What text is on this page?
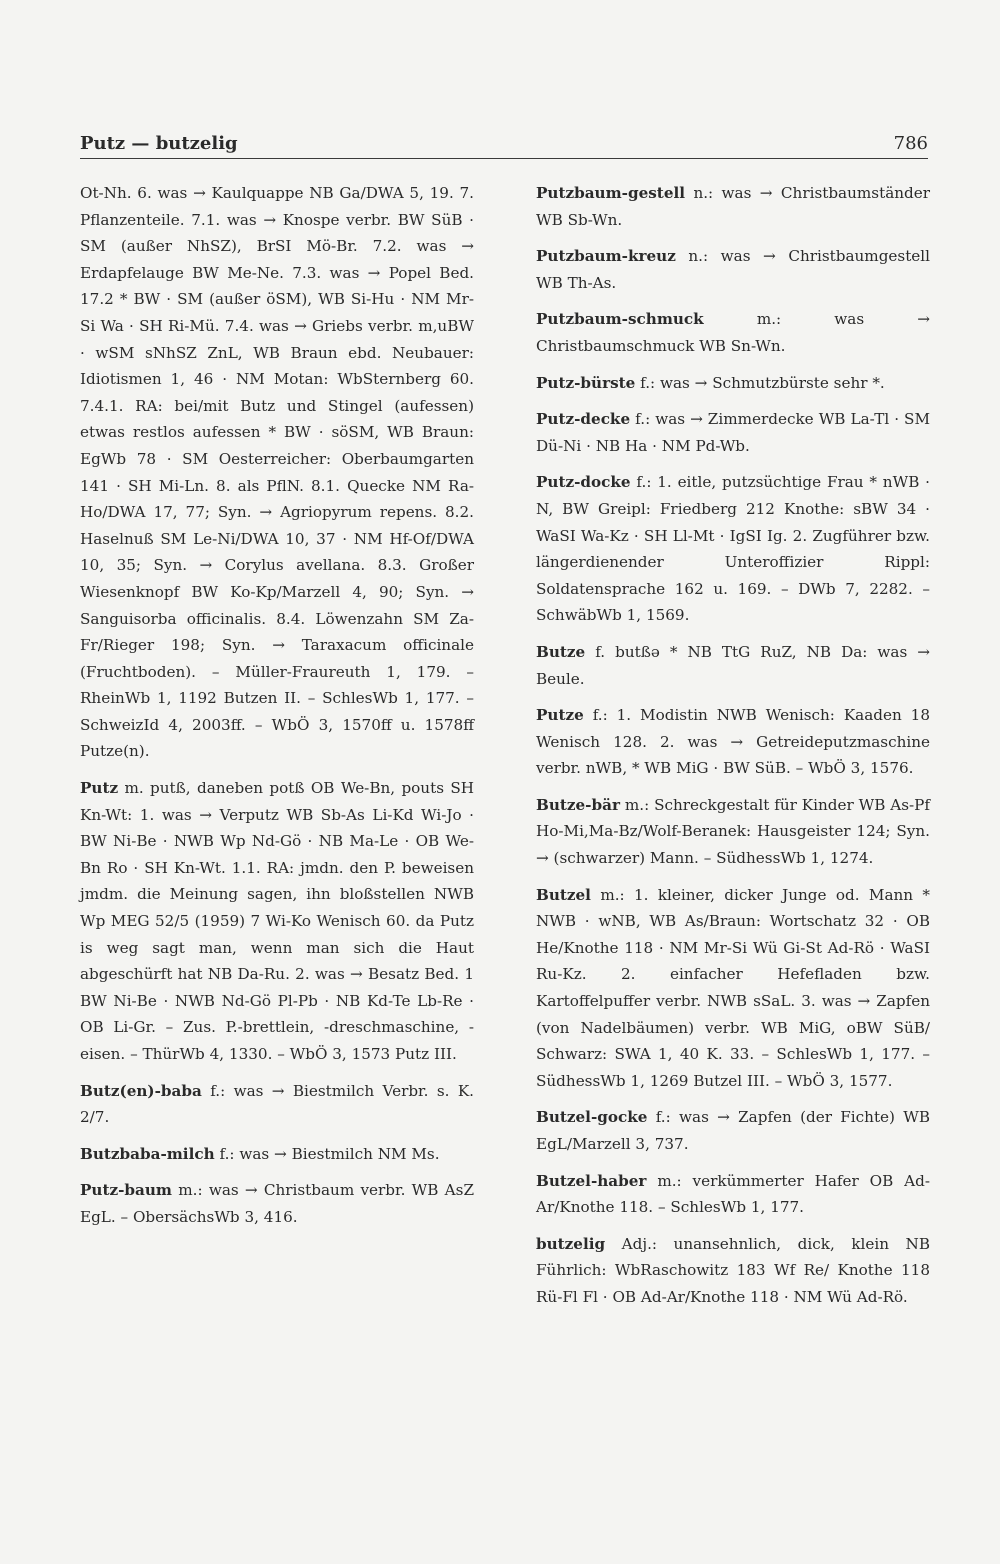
Putz — butzelig	786

Ot-Nh. 6. was → Kaulquappe NB Ga/DWA 5, 19. 7. Pflanzenteile. 7.1. was → Knospe verbr. BW SüB · SM (außer NhSZ), BrSI Mö-Br. 7.2. was → Erdapfelauge BW Me-Ne. 7.3. was → Popel Bed. 17.2 * BW · SM (außer öSM), WB Si-Hu · NM Mr-Si Wa · SH Ri-Mü. 7.4. was → Griebs verbr. m,uBW · wSM sNhSZ ZnL, WB Braun ebd. Neubauer: Idiotismen 1, 46 · NM Motan: WbSternberg 60. 7.4.1. RA: bei/mit Butz und Stingel (aufessen) etwas restlos aufessen * BW · söSM, WB Braun: EgWb 78 · SM Oesterreicher: Oberbaumgarten 141 · SH Mi-Ln. 8. als PflN. 8.1. Quecke NM Ra-Ho/DWA 17, 77; Syn. → Agriopyrum repens. 8.2. Haselnuß SM Le-Ni/DWA 10, 37 · NM Hf-Of/DWA 10, 35; Syn. → Corylus avellana. 8.3. Großer Wiesenknopf BW Ko-Kp/Marzell 4, 90; Syn. → Sanguisorba officinalis. 8.4. Löwenzahn SM Za-Fr/Rieger 198; Syn. → Taraxacum officinale (Fruchtboden). – Müller-Fraureuth 1, 179. – RheinWb 1, 1192 Butzen II. – SchlesWb 1, 177. – SchweizId 4, 2003ff. – WbÖ 3, 1570ff u. 1578ff Putze(n).

Putz m. putß, daneben potß OB We-Bn, pouts SH Kn-Wt: 1. was → Verputz WB Sb-As Li-Kd Wi-Jo · BW Ni-Be · NWB Wp Nd-Gö · NB Ma-Le · OB We-Bn Ro · SH Kn-Wt. 1.1. RA: jmdn. den P. beweisen jmdm. die Meinung sagen, ihn bloßstellen NWB Wp MEG 52/5 (1959) 7 Wi-Ko Wenisch 60. da Putz is weg sagt man, wenn man sich die Haut abgeschürft hat NB Da-Ru. 2. was → Besatz Bed. 1 BW Ni-Be · NWB Nd-Gö Pl-Pb · NB Kd-Te Lb-Re · OB Li-Gr. – Zus. P.-brettlein, -dreschmaschine, -eisen. – ThürWb 4, 1330. – WbÖ 3, 1573 Putz III.

Butz(en)-baba f.: was → Biestmilch Verbr. s. K. 2/7.

Butzbaba-milch f.: was → Biestmilch NM Ms.

Putz-baum m.: was → Christbaum verbr. WB AsZ EgL. – ObersächsWb 3, 416.

Putzbaum-gestell n.: was → Christbaumständer WB Sb-Wn.

Putzbaum-kreuz n.: was → Christbaumgestell WB Th-As.

Putzbaum-schmuck	m.: was → Christbaumschmuck WB Sn-Wn.

Putz-bürste f.: was → Schmutzbürste sehr *.

Putz-decke f.: was → Zimmerdecke WB La-Tl · SM Dü-Ni · NB Ha · NM Pd-Wb.

Putz-docke f.: 1. eitle, putzsüchtige Frau * nWB · N, BW Greipl: Friedberg 212 Knothe: sBW 34 · WaSI Wa-Kz · SH Ll-Mt · IgSI Ig. 2. Zugführer bzw. längerdienender Unteroffizier Rippl: Soldatensprache 162 u. 169. – DWb 7, 2282. – SchwäbWb 1, 1569.

Butze f. butßə * NB TtG RuZ, NB Da: was → Beule.

Putze f.: 1. Modistin NWB Wenisch: Kaaden 18 Wenisch 128. 2. was → Getreideputzmaschine verbr. nWB, * WB MiG · BW SüB. – WbÖ 3, 1576.

Butze-bär m.: Schreckgestalt für Kinder WB As-Pf Ho-Mi,Ma-Bz/Wolf-Beranek: Hausgeister 124; Syn. → (schwarzer) Mann. – SüdhessWb 1, 1274.

Butzel m.: 1. kleiner, dicker Junge od. Mann * NWB · wNB, WB As/Braun: Wortschatz 32 · OB He/Knothe 118 · NM Mr-Si Wü Gi-St Ad-Rö · WaSI Ru-Kz. 2. einfacher Hefefladen bzw. Kartoffelpuffer verbr. NWB sSaL. 3. was → Zapfen (von Nadelbäumen) verbr. WB MiG, oBW SüB/ Schwarz: SWA 1, 40 K. 33. – SchlesWb 1, 177. – SüdhessWb 1, 1269 Butzel III. – WbÖ 3, 1577.

Butzel-gocke f.: was → Zapfen (der Fichte) WB EgL/Marzell 3, 737.

Butzel-haber m.: verkümmerter Hafer OB Ad-Ar/Knothe 118. – SchlesWb 1, 177.

butzelig Adj.: unansehnlich, dick, klein NB Führlich: WbRaschowitz 183 Wf Re/ Knothe 118 Rü-Fl Fl · OB Ad-Ar/Knothe 118 · NM Wü Ad-Rö.
